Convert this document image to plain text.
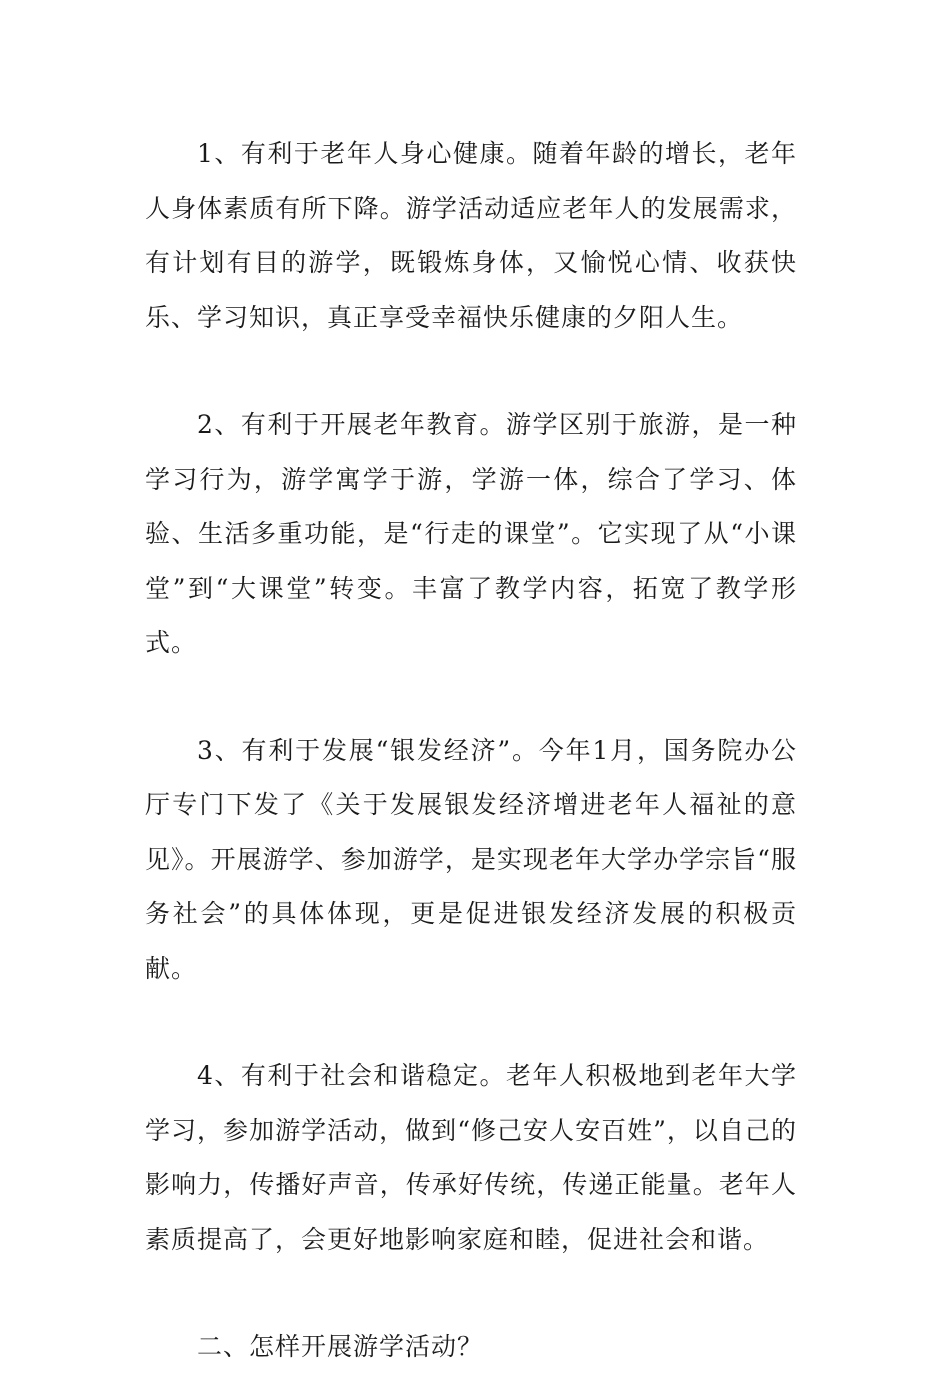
1、有利于老年人身心健康。随着年龄的增长，老年人身体素质有所下降。游学活动适应老年人的发展需求，有计划有目的游学，既锻炼身体，又愉悦心情、收获快乐、学习知识，真正享受幸福快乐健康的夕阳人生。

2、有利于开展老年教育。游学区别于旅游，是一种学习行为，游学寓学于游，学游一体，综合了学习、体验、生活多重功能，是“行走的课堂”。它实现了从“小课堂”到“大课堂”转变。丰富了教学内容，拓宽了教学形式。

3、有利于发展“银发经济”。今年1月，国务院办公厅专门下发了《关于发展银发经济增进老年人福祉的意见》。开展游学、参加游学，是实现老年大学办学宗旨“服务社会”的具体体现，更是促进银发经济发展的积极贡献。

4、有利于社会和谐稳定。老年人积极地到老年大学学习，参加游学活动，做到“修己安人安百姓”，以自己的影响力，传播好声音，传承好传统，传递正能量。老年人素质提高了，会更好地影响家庭和睦，促进社会和谐。

二、怎样开展游学活动？
